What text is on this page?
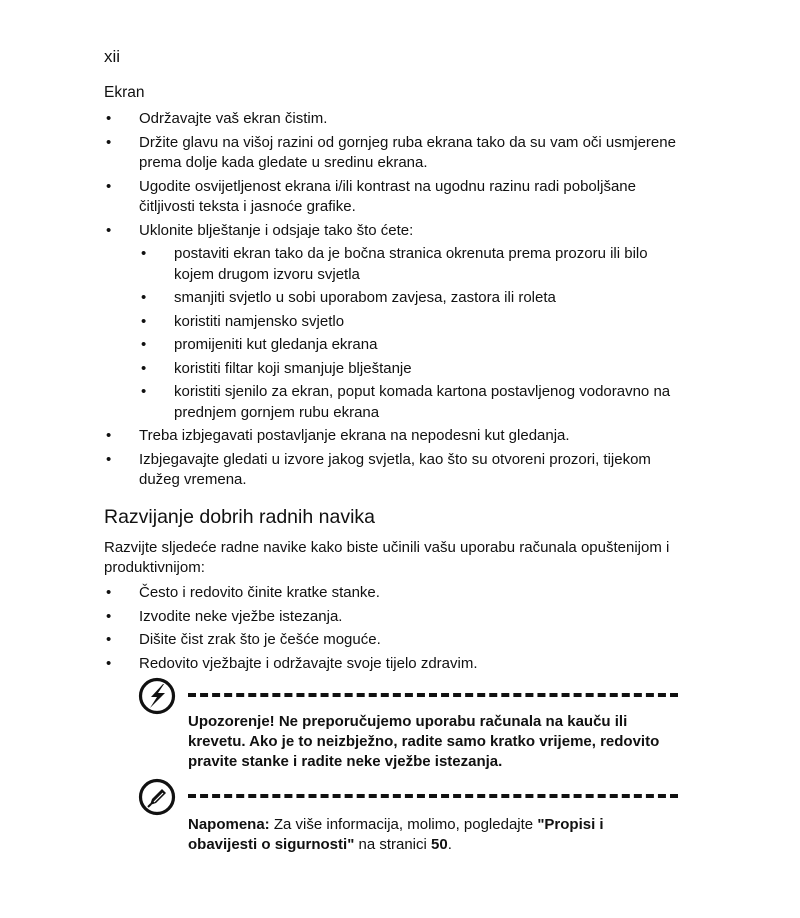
xii
Ekran
• Održavajte vaš ekran čistim.
• Držite glavu na višoj razini od gornjeg ruba ekrana tako da su vam oči usmjerene prema dolje kada gledate u sredinu ekrana.
• Ugodite osvijetljenost ekrana i/ili kontrast na ugodnu razinu radi poboljšane čitljivosti teksta i jasnoće grafike.
• Uklonite blještanje i odsjaje tako što ćete:
• postaviti ekran tako da je bočna stranica okrenuta prema prozoru ili bilo kojem drugom izvoru svjetla
• smanjiti svjetlo u sobi uporabom zavjesa, zastora ili roleta
• koristiti namjensko svjetlo
• promijeniti kut gledanja ekrana
• koristiti filtar koji smanjuje blještanje
• koristiti sjenilo za ekran, poput komada kartona postavljenog vodoravno na prednjem gornjem rubu ekrana
• Treba izbjegavati postavljanje ekrana na nepodesni kut gledanja.
• Izbjegavajte gledati u izvore jakog svjetla, kao što su otvoreni prozori, tijekom dužeg vremena.
Razvijanje dobrih radnih navika
Razvijte sljedeće radne navike kako biste učinili vašu uporabu računala opuštenijom i produktivnijom:
• Često i redovito činite kratke stanke.
• Izvodite neke vježbe istezanja.
• Dišite čist zrak što je češće moguće.
• Redovito vježbajte i održavajte svoje tijelo zdravim.
Upozorenje! Ne preporučujemo uporabu računala na kauču ili krevetu. Ako je to neizbježno, radite samo kratko vrijeme, redovito pravite stanke i radite neke vježbe istezanja.
Napomena: Za više informacija, molimo, pogledajte "Propisi i obavijesti o sigurnosti" na stranici 50.
